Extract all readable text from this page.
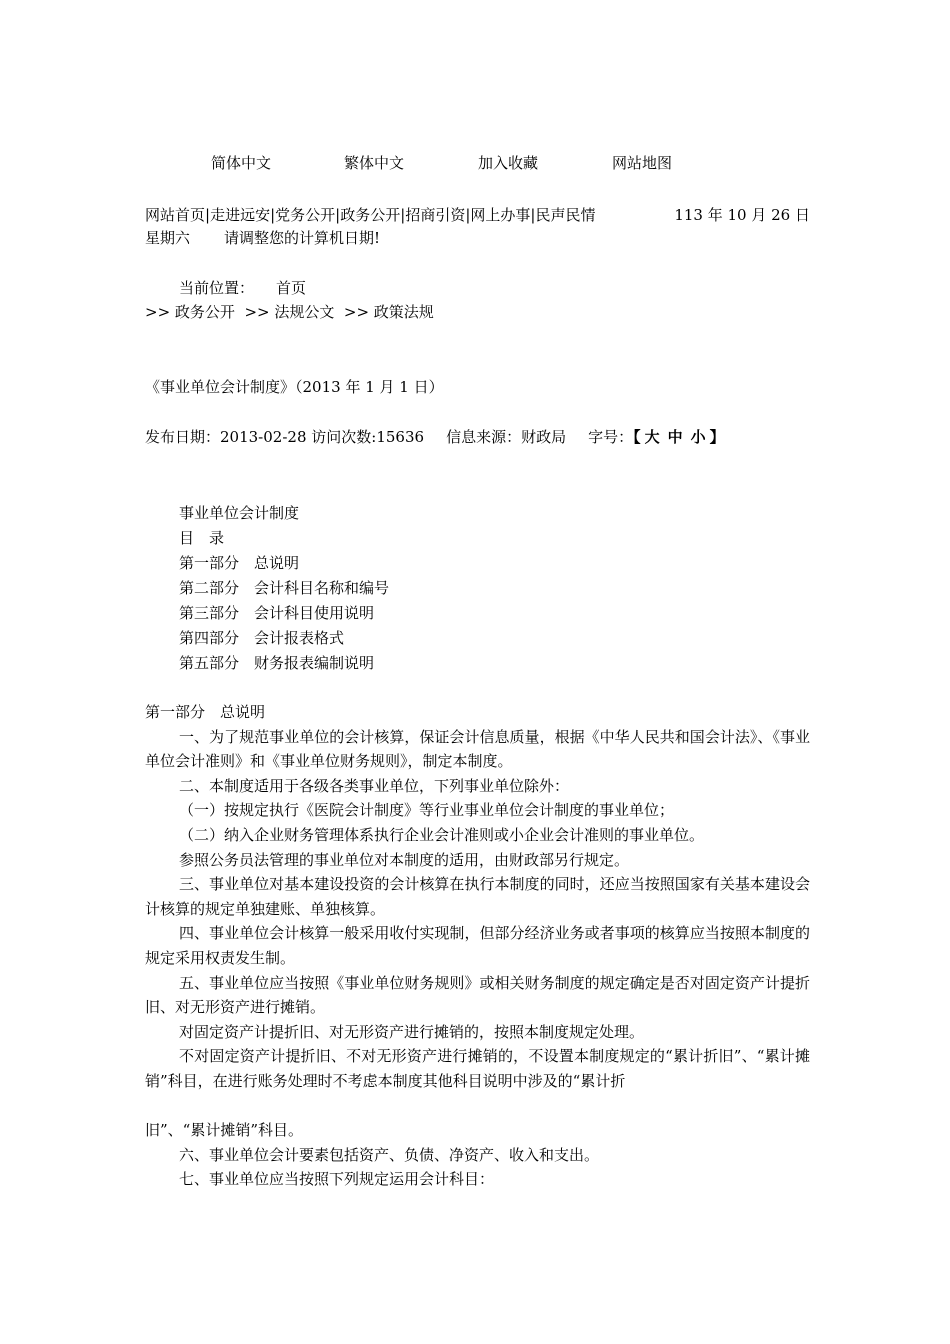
简体中文	繁体中文	加入收藏	网站地图
网站首页|走进远安|党务公开|政务公开|招商引资|网上办事|民声民情	113 年 10 月 26 日
星期六 请调整您的计算机日期!
当前位置： 首页
>> 政务公开 >> 法规公文 >> 政策法规
《事业单位会计制度》（2013 年 1 月 1 日）
发布日期：2013-02-28 访问次数:15636 信息来源：财政局 字号：【 大 中 小 】
事业单位会计制度
目　录
第一部分　总说明
第二部分　会计科目名称和编号
第三部分　会计科目使用说明
第四部分　会计报表格式
第五部分　财务报表编制说明

第一部分　总说明

一、为了规范事业单位的会计核算，保证会计信息质量，根据《中华人民共和国会计法》、《事业单位会计准则》和《事业单位财务规则》，制定本制度。

二、本制度适用于各级各类事业单位，下列事业单位除外：

（一）按规定执行《医院会计制度》等行业事业单位会计制度的事业单位；

（二）纳入企业财务管理体系执行企业会计准则或小企业会计准则的事业单位。

参照公务员法管理的事业单位对本制度的适用，由财政部另行规定。

三、事业单位对基本建设投资的会计核算在执行本制度的同时，还应当按照国家有关基本建设会计核算的规定单独建账、单独核算。

四、事业单位会计核算一般采用收付实现制，但部分经济业务或者事项的核算应当按照本制度的规定采用权责发生制。

五、事业单位应当按照《事业单位财务规则》或相关财务制度的规定确定是否对固定资产计提折旧、对无形资产进行摊销。

对固定资产计提折旧、对无形资产进行摊销的，按照本制度规定处理。

不对固定资产计提折旧、不对无形资产进行摊销的，不设置本制度规定的“累计折旧”、“累计摊销”科目，在进行账务处理时不考虑本制度其他科目说明中涉及的“累计折

旧”、“累计摊销”科目。

六、事业单位会计要素包括资产、负债、净资产、收入和支出。

七、事业单位应当按照下列规定运用会计科目：
